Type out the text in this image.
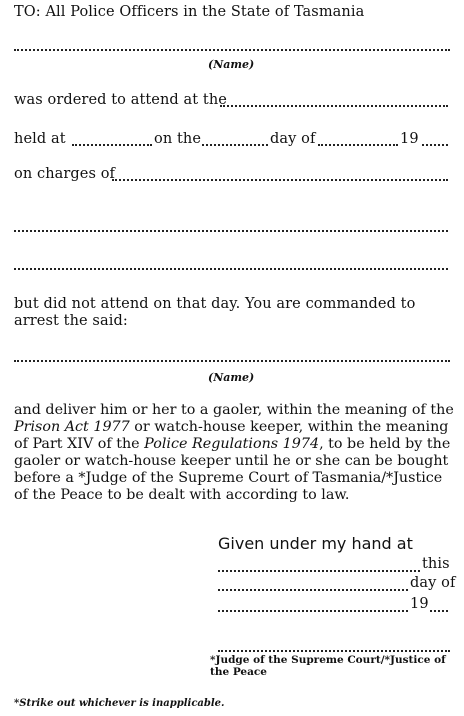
TO: All Police Officers in the State of Tasmania
(Name)
was ordered to attend at the
held at	on the	day of	19
on charges of
but did not attend on that day. You are commanded to
arrest the said:
(Name)
and deliver him or her to a gaoler, within the meaning of the Prison Act 1977 or watch-house keeper, within the meaning of Part XIV of the Police Regulations 1974, to be held by the gaoler or watch-house keeper until he or she can be bought before a *Judge of the Supreme Court of Tasmania/*Justice of the Peace to be dealt with according to law.
Given under my hand at
this
day of
19
*Judge of the Supreme Court/*Justice of the Peace
*Strike out whichever is inapplicable.
